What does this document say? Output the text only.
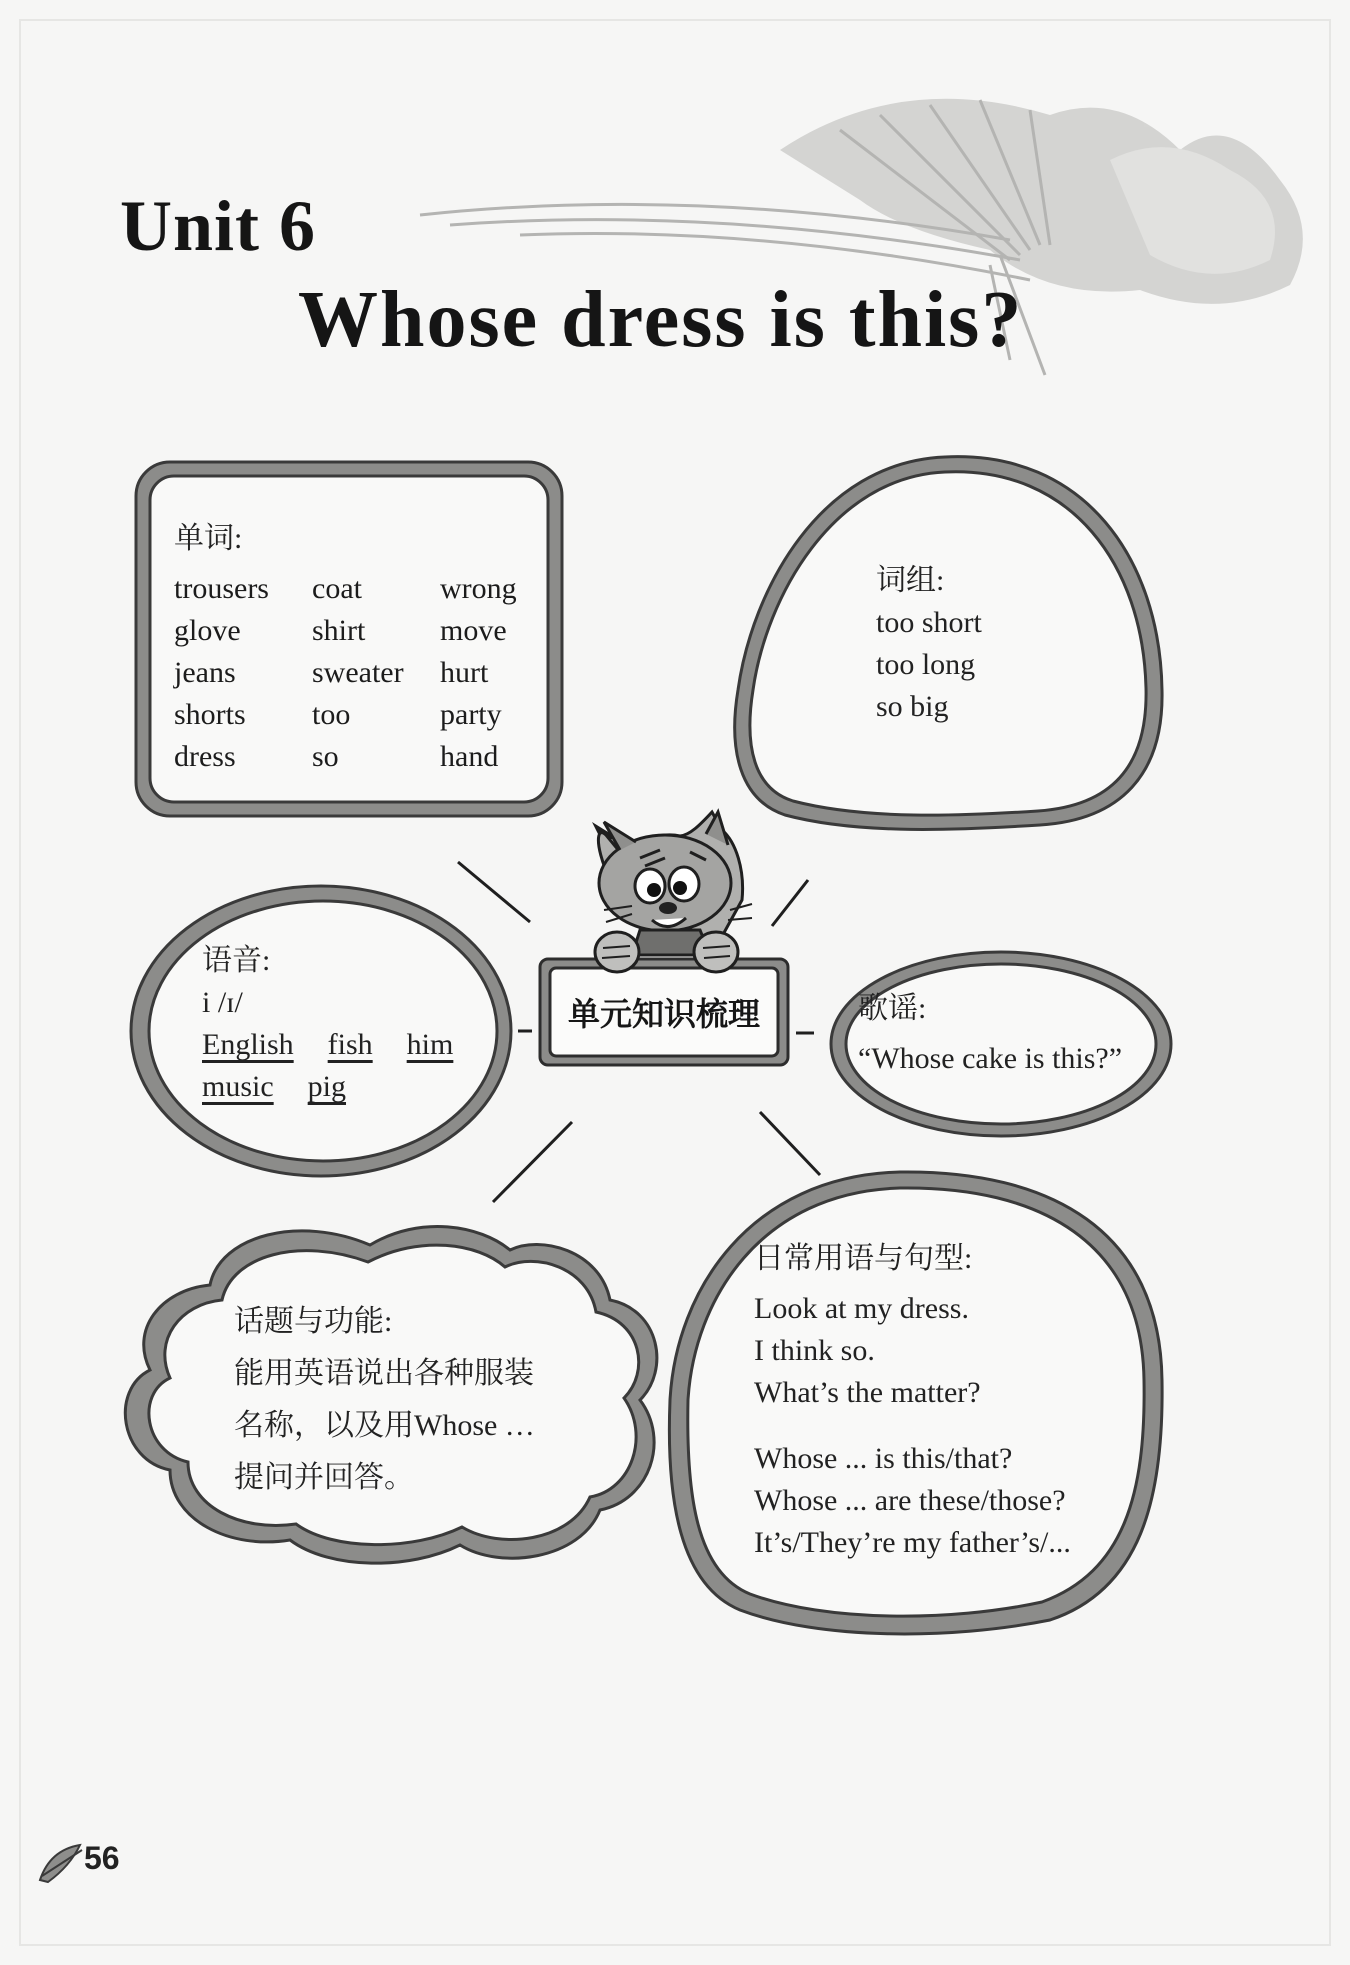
Unit 6
Whose dress is this?
单词:
trousers	coat	wrong
glove	shirt	move
jeans	sweater	hurt
shorts	too	party
dress	so	hand
词组:
too short
too long
so big
单元知识梳理
语音:
i /ɪ/
English fish him
music pig
歌谣:
“Whose cake is this?”
话题与功能:
能用英语说出各种服装
名称，以及用Whose …
提问并回答。
日常用语与句型:
Look at my dress.
I think so.
What’s the matter?
Whose ... is this/that?
Whose ... are these/those?
It’s/They’re my father’s/...
56
